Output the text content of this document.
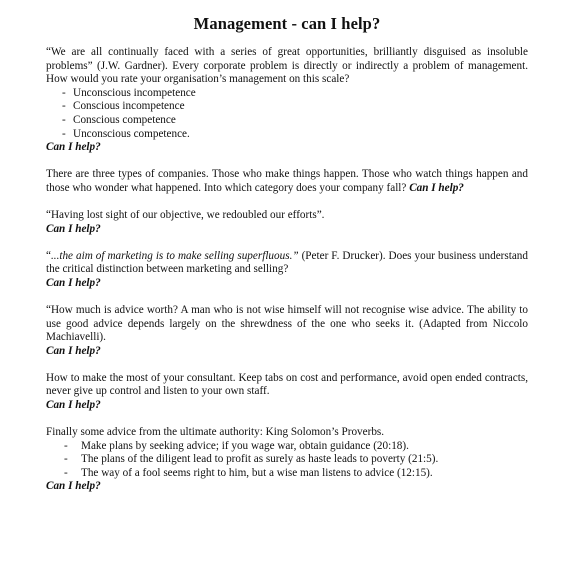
Management - can I help?

“We are all continually faced with a series of great opportunities, brilliantly disguised as insoluble problems” (J.W. Gardner). Every corporate problem is directly or indirectly a problem of management. How would you rate your organisation’s management on this scale?

- Unconscious incompetence
- Conscious incompetence
- Conscious competence
- Unconscious competence.

Can I help?

There are three types of companies. Those who make things happen. Those who watch things happen and those who wonder what happened. Into which category does your company fall? Can I help?

“Having lost sight of our objective, we redoubled our efforts”.

Can I help?

“...the aim of marketing is to make selling superfluous.” (Peter F. Drucker). Does your business understand the critical distinction between marketing and selling?

Can I help?

“How much is advice worth? A man who is not wise himself will not recognise wise advice. The ability to use good advice depends largely on the shrewdness of the one who seeks it. (Adapted from Niccolo Machiavelli).

Can I help?

How to make the most of your consultant. Keep tabs on cost and performance, avoid open ended contracts, never give up control and listen to your own staff.

Can I help?

Finally some advice from the ultimate authority: King Solomon’s Proverbs.

- Make plans by seeking advice; if you wage war, obtain guidance (20:18).
- The plans of the diligent lead to profit as surely as haste leads to poverty (21:5).
- The way of a fool seems right to him, but a wise man listens to advice (12:15).

Can I help?
